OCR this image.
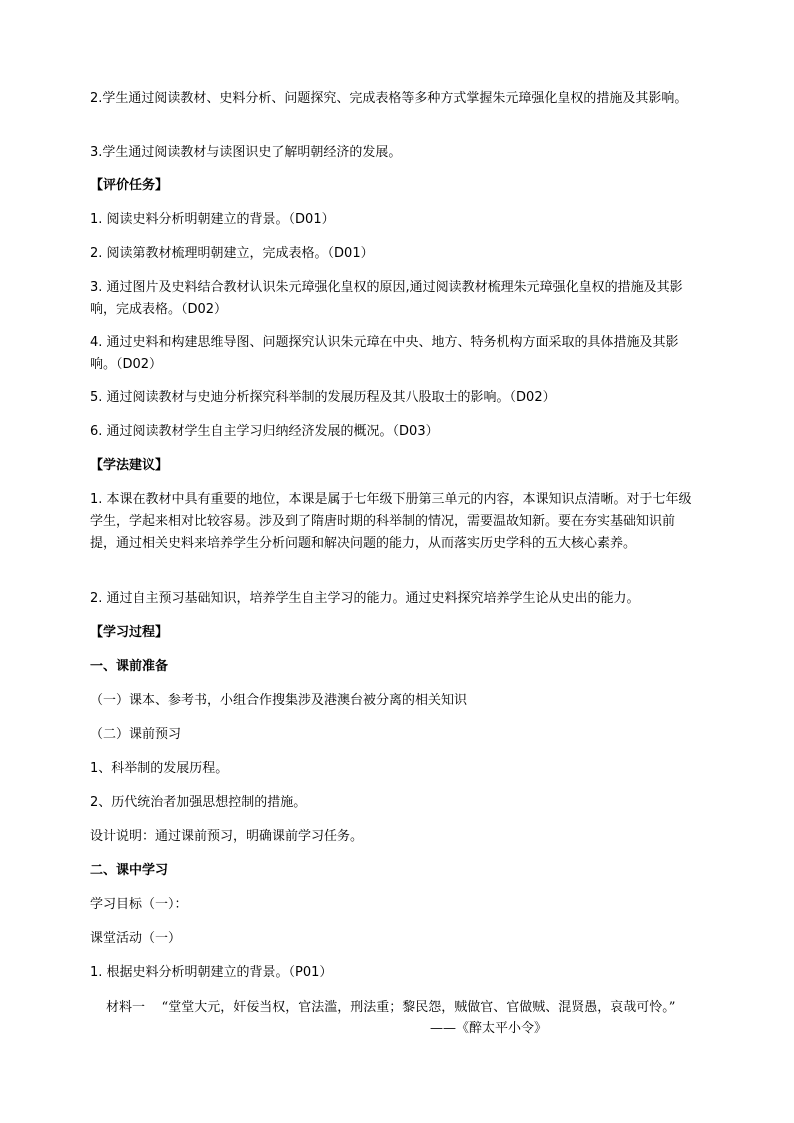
2.学生通过阅读教材、史料分析、问题探究、完成表格等多种方式掌握朱元璋强化皇权的措施及其影响。

3.学生通过阅读教材与读图识史了解明朝经济的发展。

【评价任务】

1. 阅读史料分析明朝建立的背景。（D01）

2. 阅读第教材梳理明朝建立，完成表格。（D01）

3. 通过图片及史料结合教材认识朱元璋强化皇权的原因,通过阅读教材梳理朱元璋强化皇权的措施及其影响，完成表格。（D02）

4. 通过史料和构建思维导图、问题探究认识朱元璋在中央、地方、特务机构方面采取的具体措施及其影响。（D02）

5. 通过阅读教材与史迪分析探究科举制的发展历程及其八股取士的影响。（D02）

6. 通过阅读教材学生自主学习归纳经济发展的概况。（D03）

【学法建议】

1. 本课在教材中具有重要的地位，本课是属于七年级下册第三单元的内容，本课知识点清晰。对于七年级学生，学起来相对比较容易。涉及到了隋唐时期的科举制的情况，需要温故知新。要在夯实基础知识前提，通过相关史料来培养学生分析问题和解决问题的能力，从而落实历史学科的五大核心素养。

2. 通过自主预习基础知识，培养学生自主学习的能力。通过史料探究培养学生论从史出的能力。

【学习过程】

一、课前准备

（一）课本、参考书，小组合作搜集涉及港澳台被分离的相关知识

（二）课前预习

1、科举制的发展历程。

2、历代统治者加强思想控制的措施。

设计说明：通过课前预习，明确课前学习任务。

二、课中学习

学习目标（一）：

课堂活动（一）

1. 根据史料分析明朝建立的背景。（P01）

材料一 “堂堂大元，奸佞当权，官法滥，刑法重；黎民怨，贼做官、官做贼、混贤愚，哀哉可怜。”

——《醉太平小令》
